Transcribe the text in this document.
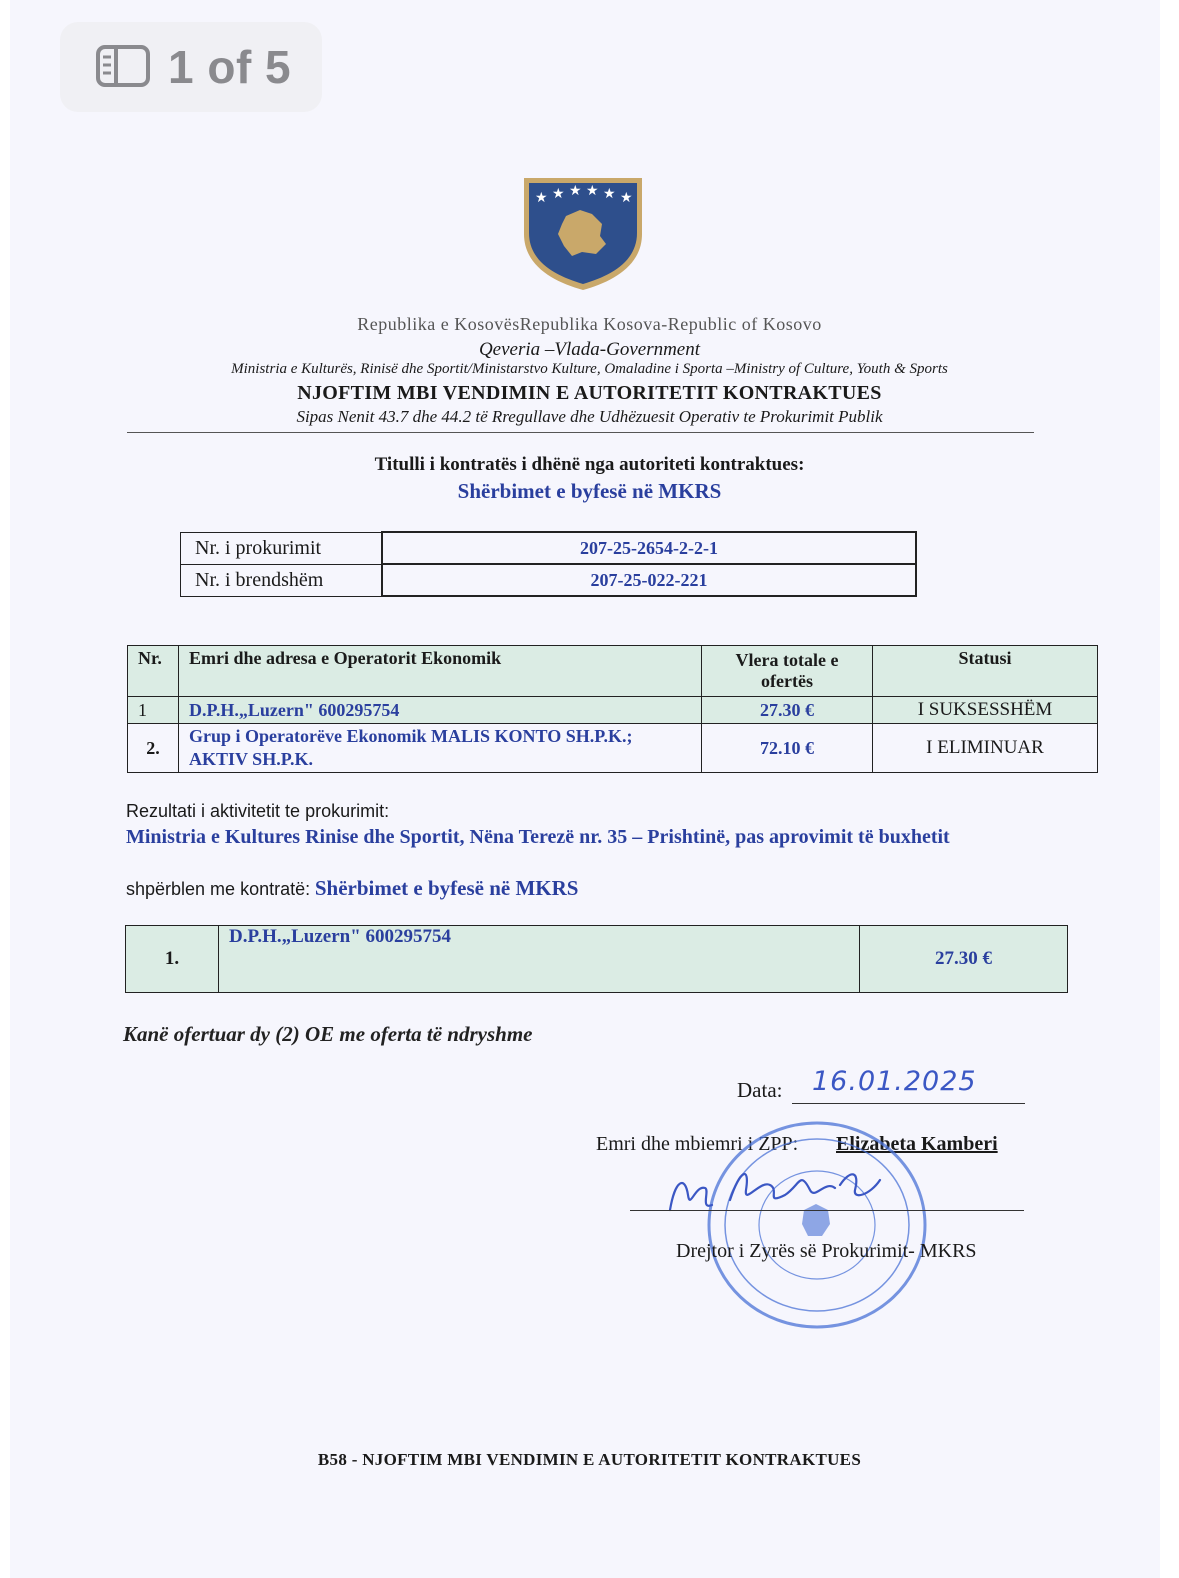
1 of 5
★ ★ ★ ★ ★ ★
Republika e KosovësRepublika Kosova-Republic of Kosovo
Qeveria –Vlada-Government
Ministria e Kulturës, Rinisë dhe Sportit/Ministarstvo Kulture, Omaladine i Sporta –Ministry of Culture, Youth & Sports
NJOFTIM MBI VENDIMIN E AUTORITETIT KONTRAKTUES
Sipas Nenit 43.7 dhe 44.2 të Rregullave dhe Udhëzuesit Operativ te Prokurimit Publik
Titulli i kontratës i dhënë nga autoriteti kontraktues:
Shërbimet e byfesë në MKRS
Nr. i prokurimit	207-25-2654-2-2-1
Nr. i brendshëm	207-25-022-221
Nr.	Emri dhe adresa e Operatorit Ekonomik	Vlera totale e ofertës	Statusi
1	D.P.H.„Luzern" 600295754	27.30 €	I SUKSESSHËM
2.	Grup i Operatorëve Ekonomik MALIS KONTO SH.P.K.; AKTIV SH.P.K.	72.10 €	I ELIMINUAR
Rezultati i aktivitetit te prokurimit:
Ministria e Kultures Rinise dhe Sportit, Nëna Terezë nr. 35 – Prishtinë, pas aprovimit të buxhetit
shpërblen me kontratë: Shërbimet e byfesë në MKRS
1.	D.P.H.„Luzern" 600295754	27.30 €
Kanë ofertuar dy (2) OE me oferta të ndryshme
Data: 16.01.2025
Emri dhe mbiemri i ZPP: Elizabeta Kamberi
Drejtor i Zyrës së Prokurimit- MKRS
B58 - NJOFTIM MBI VENDIMIN E AUTORITETIT KONTRAKTUES
